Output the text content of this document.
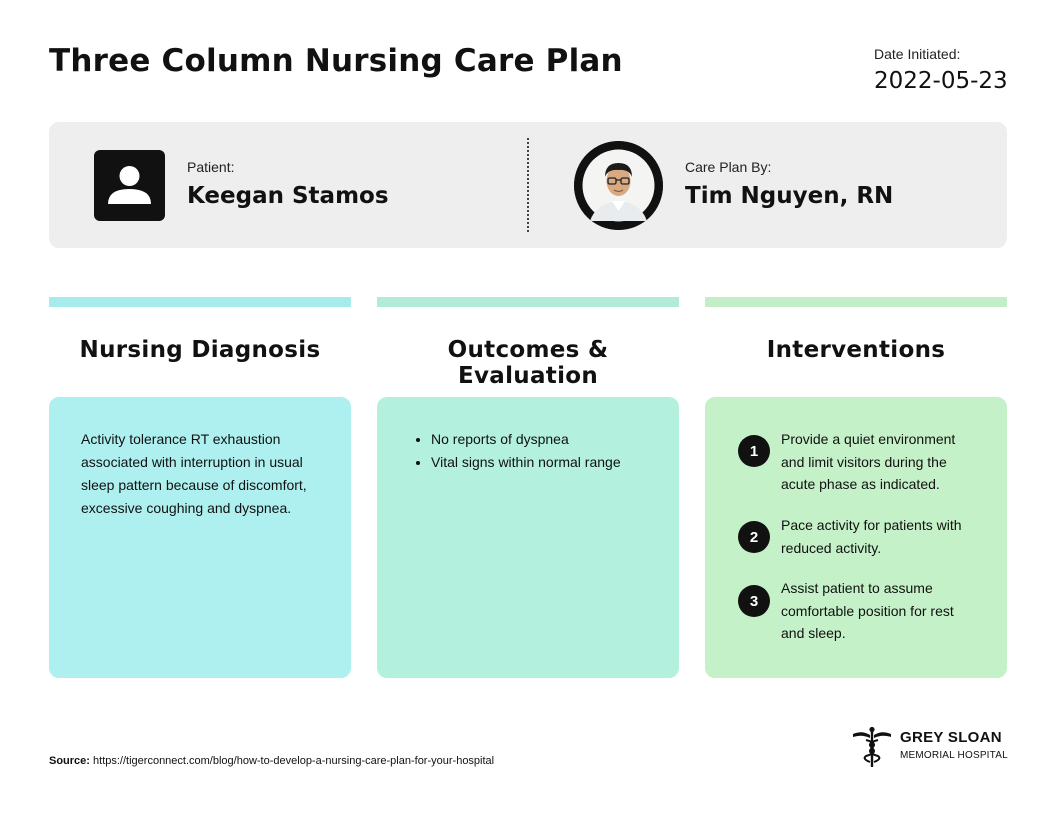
Three Column Nursing Care Plan	Date Initiated:
2022-05-23
Patient:
Keegan Stamos
Care Plan By:
Tim Nguyen, RN
Nursing Diagnosis
Activity tolerance RT exhaustion associated with interruption in usual sleep pattern because of discomfort, excessive coughing and dyspnea.
Outcomes & Evaluation
• No reports of dyspnea
• Vital signs within normal range
Interventions
1
Provide a quiet environment and limit visitors during the acute phase as indicated.
2
Pace activity for patients with reduced activity.
3
Assist patient to assume comfortable position for rest and sleep.
Source: https://tigerconnect.com/blog/how-to-develop-a-nursing-care-plan-for-your-hospital
GREY SLOAN
MEMORIAL HOSPITAL
